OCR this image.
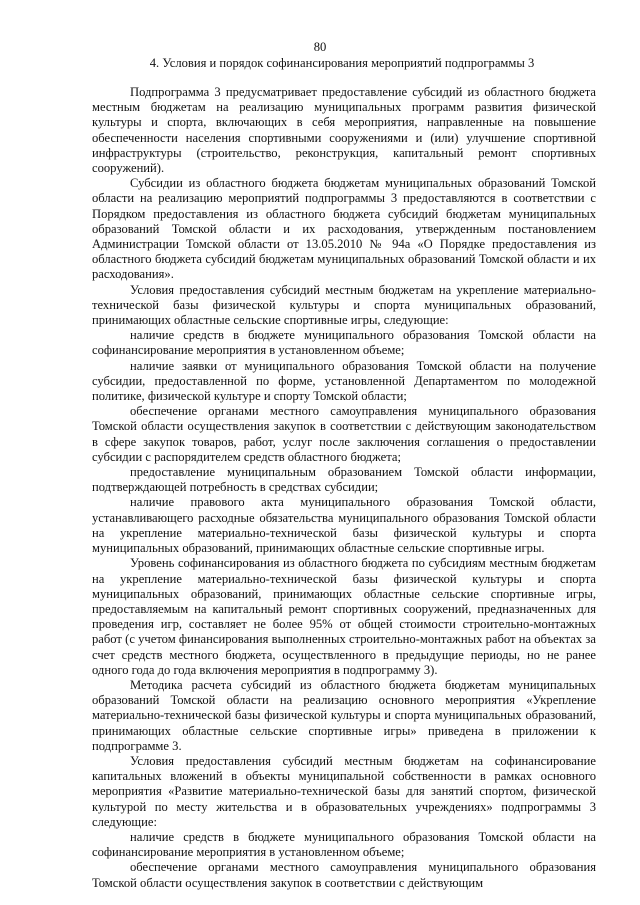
80
4. Условия и порядок софинансирования мероприятий подпрограммы 3

Подпрограмма 3 предусматривает предоставление субсидий из областного бюджета местным бюджетам на реализацию муниципальных программ развития физической культуры и спорта, включающих в себя мероприятия, направленные на повышение обеспеченности населения спортивными сооружениями и (или) улучшение спортивной инфраструктуры (строительство, реконструкция, капитальный ремонт спортивных сооружений).

Субсидии из областного бюджета бюджетам муниципальных образований Томской области на реализацию мероприятий подпрограммы 3 предоставляются в соответствии с Порядком предоставления из областного бюджета субсидий бюджетам муниципальных образований Томской области и их расходования, утвержденным постановлением Администрации Томской области от 13.05.2010 № 94а «О Порядке предоставления из областного бюджета субсидий бюджетам муниципальных образований Томской области и их расходования».

Условия предоставления субсидий местным бюджетам на укрепление материально-технической базы физической культуры и спорта муниципальных образований, принимающих областные сельские спортивные игры, следующие:

наличие средств в бюджете муниципального образования Томской области на софинансирование мероприятия в установленном объеме;

наличие заявки от муниципального образования Томской области на получение субсидии, предоставленной по форме, установленной Департаментом по молодежной политике, физической культуре и спорту Томской области;

обеспечение органами местного самоуправления муниципального образования Томской области осуществления закупок в соответствии с действующим законодательством в сфере закупок товаров, работ, услуг после заключения соглашения о предоставлении субсидии с распорядителем средств областного бюджета;

предоставление муниципальным образованием Томской области информации, подтверждающей потребность в средствах субсидии;

наличие правового акта муниципального образования Томской области, устанавливающего расходные обязательства муниципального образования Томской области на укрепление материально-технической базы физической культуры и спорта муниципальных образований, принимающих областные сельские спортивные игры.

Уровень софинансирования из областного бюджета по субсидиям местным бюджетам на укрепление материально-технической базы физической культуры и спорта муниципальных образований, принимающих областные сельские спортивные игры, предоставляемым на капитальный ремонт спортивных сооружений, предназначенных для проведения игр, составляет не более 95% от общей стоимости строительно-монтажных работ (с учетом финансирования выполненных строительно-монтажных работ на объектах за счет средств местного бюджета, осуществленного в предыдущие периоды, но не ранее одного года до года включения мероприятия в подпрограмму 3).

Методика расчета субсидий из областного бюджета бюджетам муниципальных образований Томской области на реализацию основного мероприятия «Укрепление материально-технической базы физической культуры и спорта муниципальных образований, принимающих областные сельские спортивные игры» приведена в приложении к подпрограмме 3.

Условия предоставления субсидий местным бюджетам на софинансирование капитальных вложений в объекты муниципальной собственности в рамках основного мероприятия «Развитие материально-технической базы для занятий спортом, физической культурой по месту жительства и в образовательных учреждениях» подпрограммы 3 следующие:

наличие средств в бюджете муниципального образования Томской области на софинансирование мероприятия в установленном объеме;

обеспечение органами местного самоуправления муниципального образования Томской области осуществления закупок в соответствии с действующим
